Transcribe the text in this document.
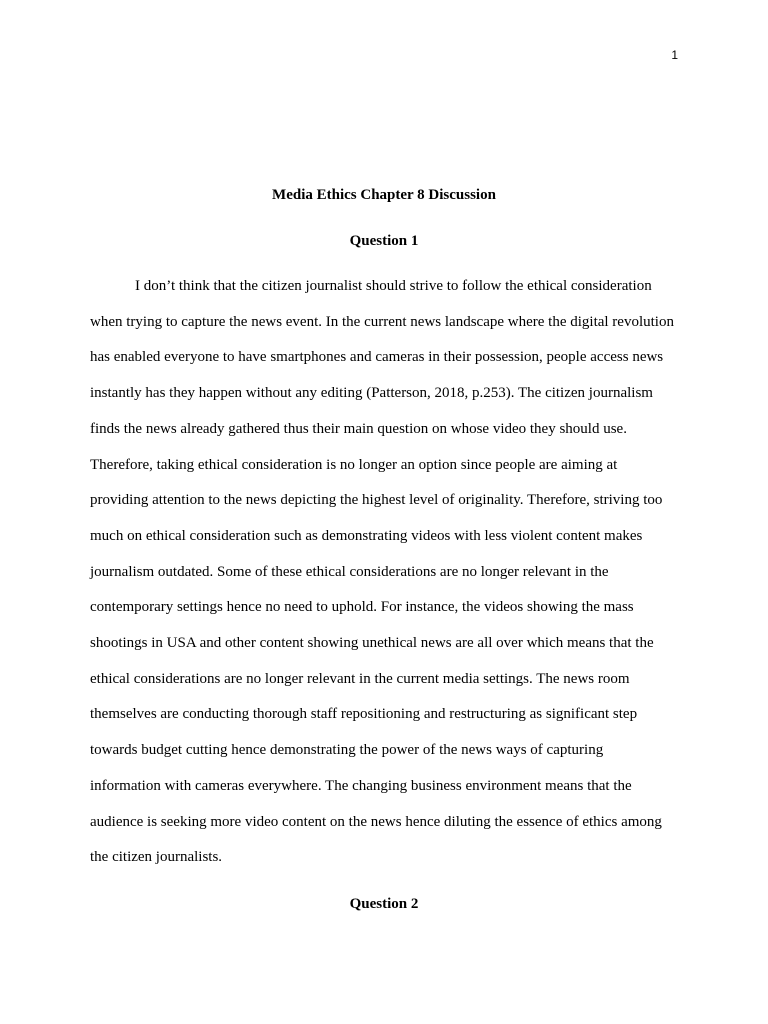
1
Media Ethics Chapter 8 Discussion
Question 1
I don’t think that the citizen journalist should strive to follow the ethical consideration
when trying to capture the news event. In the current news landscape where the digital revolution
has enabled everyone to have smartphones and cameras in their possession, people access news
instantly has they happen without any editing (Patterson, 2018, p.253). The citizen journalism
finds the news already gathered thus their main question on whose video they should use.
Therefore, taking ethical consideration is no longer an option since people are aiming at
providing attention to the news depicting the highest level of originality. Therefore, striving too
much on ethical consideration such as demonstrating videos with less violent content makes
journalism outdated. Some of these ethical considerations are no longer relevant in the
contemporary settings hence no need to uphold. For instance, the videos showing the mass
shootings in USA and other content showing unethical news are all over which means that the
ethical considerations are no longer relevant in the current media settings. The news room
themselves are conducting thorough staff repositioning and restructuring as significant step
towards budget cutting hence demonstrating the power of the news ways of capturing
information with cameras everywhere. The changing business environment means that the
audience is seeking more video content on the news hence diluting the essence of ethics among
the citizen journalists.
Question 2
